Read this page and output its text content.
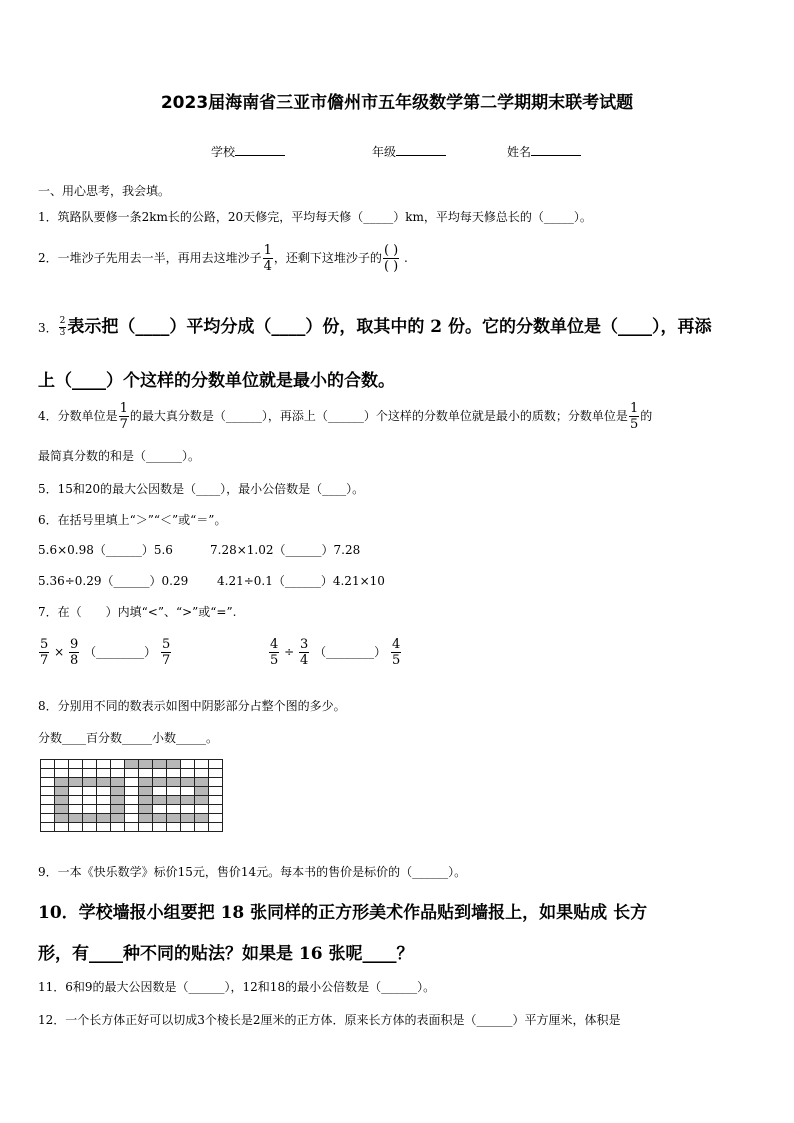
2023届海南省三亚市儋州市五年级数学第二学期期末联考试题
学校	年级	姓名
一、用心思考，我会填。
1．筑路队要修一条2km长的公路，20天修完，平均每天修（_____）km，平均每天修总长的（_____）。
2．一堆沙子先用去一半，再用去这堆沙子 $\frac{1}{4}$ ，还剩下这堆沙子的 $\frac{( )}{( )}$ .
3． $\frac{2}{3}$ 表示把（____）平均分成（____）份，取其中的 2 份。它的分数单位是（____），再添
上（____）个这样的分数单位就是最小的合数。
4．分数单位是 $\frac{1}{7}$ 的最大真分数是（______），再添上（______）个这样的分数单位就是最小的质数；分数单位是 $\frac{1}{5}$ 的
最简真分数的和是（______）。
5．15和20的最大公因数是（____），最小公倍数是（____）。
6．在括号里填上“＞”“＜”或“＝”。
5.6×0.98（______）5.6	7.28×1.02（______）7.28
5.36÷0.29（______）0.29 4.21÷0.1（______）4.21×10
7．在（　　）内填“<”、“>”或“=”.
$\frac{5}{7} \times \frac{9}{8}$ （________） $\frac{5}{7}$	$\frac{4}{5} \div \frac{3}{4}$ （________） $\frac{4}{5}$
8．分别用不同的数表示如图中阴影部分占整个图的多少。
分数____百分数_____小数_____。

9．一本《快乐数学》标价15元，售价14元。每本书的售价是标价的（______）。
10．学校墙报小组要把 18 张同样的正方形美术作品贴到墙报上，如果贴成 长方
形，有____种不同的贴法？如果是 16 张呢____？
11．6和9的最大公因数是（______），12和18的最小公倍数是（______）。
12．一个长方体正好可以切成3个棱长是2厘米的正方体．原来长方体的表面积是（______）平方厘米，体积是
